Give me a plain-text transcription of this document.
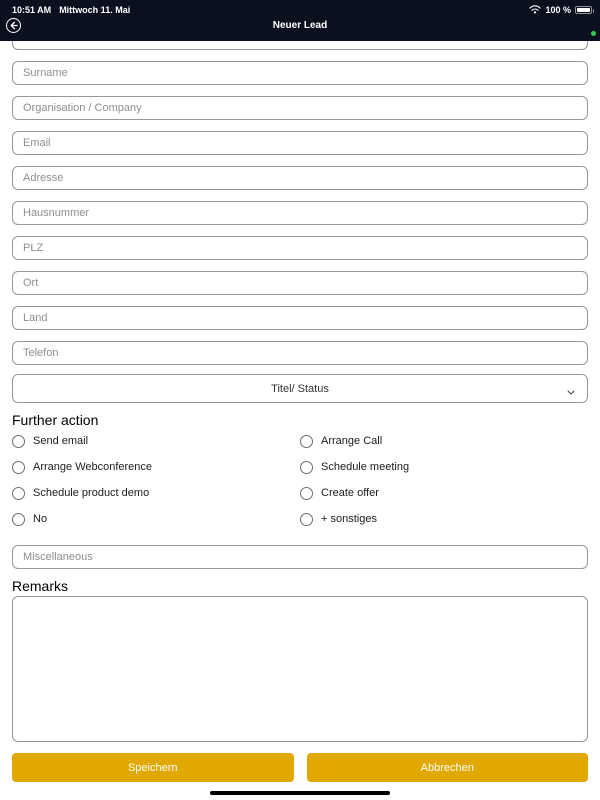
10:51 AM Mittwoch 11. Mai	100 %
Neuer Lead
First Name
Surname
Organisation / Company
Email
Adresse
Hausnummer
PLZ
Ort
Land
Telefon
Titel/ Status
Further action
Send email	Arrange Call
Arrange Webconference	Schedule meeting
Schedule product demo	Create offer
No	+ sonstiges
Miscellaneous
Remarks
Speichern	Abbrechen
